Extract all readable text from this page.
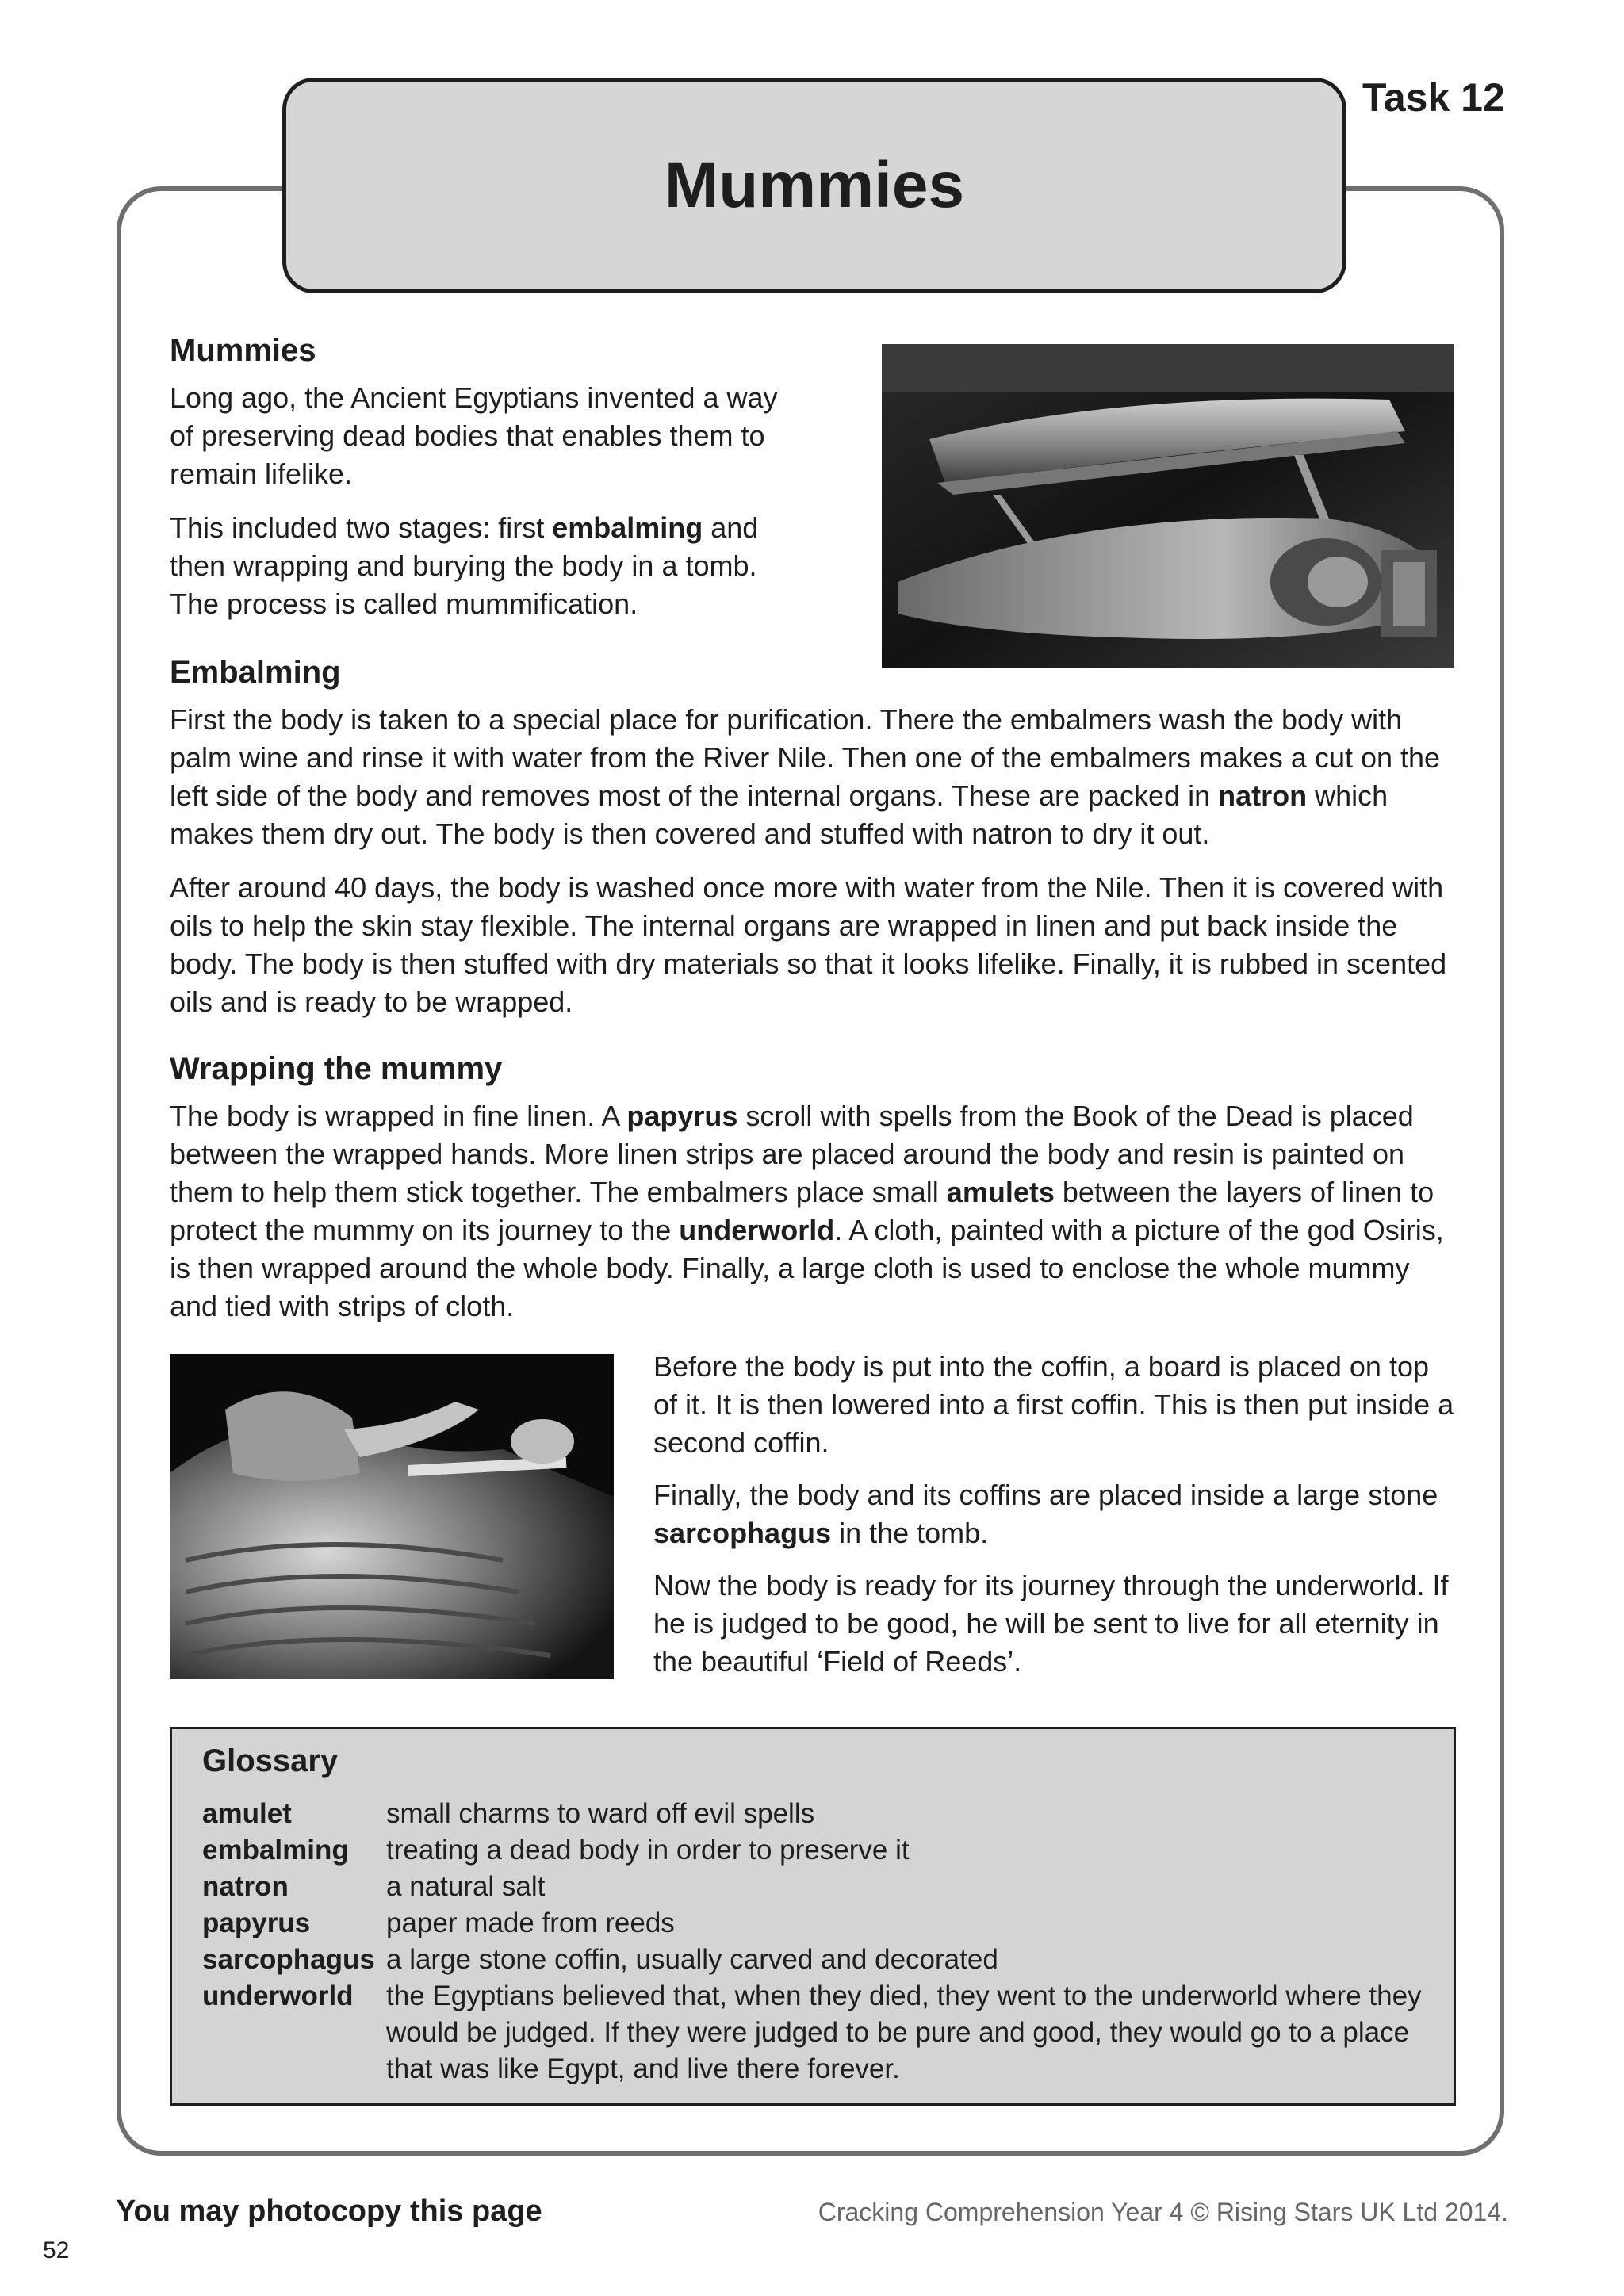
Mummies
Task 12
Mummies

Long ago, the Ancient Egyptians invented a way of preserving dead bodies that enables them to remain lifelike.

This included two stages: first embalming and then wrapping and burying the body in a tomb. The process is called mummification.

Embalming

First the body is taken to a special place for purification. There the embalmers wash the body with palm wine and rinse it with water from the River Nile. Then one of the embalmers makes a cut on the left side of the body and removes most of the internal organs. These are packed in natron which makes them dry out. The body is then covered and stuffed with natron to dry it out.

After around 40 days, the body is washed once more with water from the Nile. Then it is covered with oils to help the skin stay flexible. The internal organs are wrapped in linen and put back inside the body. The body is then stuffed with dry materials so that it looks lifelike. Finally, it is rubbed in scented oils and is ready to be wrapped.

Wrapping the mummy

The body is wrapped in fine linen. A papyrus scroll with spells from the Book of the Dead is placed between the wrapped hands. More linen strips are placed around the body and resin is painted on them to help them stick together. The embalmers place small amulets between the layers of linen to protect the mummy on its journey to the underworld. A cloth, painted with a picture of the god Osiris, is then wrapped around the whole body. Finally, a large cloth is used to enclose the whole mummy and tied with strips of cloth.

Before the body is put into the coffin, a board is placed on top of it. It is then lowered into a first coffin. This is then put inside a second coffin.

Finally, the body and its coffins are placed inside a large stone sarcophagus in the tomb.

Now the body is ready for its journey through the underworld. If he is judged to be good, he will be sent to live for all eternity in the beautiful ‘Field of Reeds’.

Glossary
amulet	small charms to ward off evil spells
embalming treating a dead body in order to preserve it
natron	a natural salt
papyrus	paper made from reeds
sarcophagus a large stone coffin, usually carved and decorated
underworld the Egyptians believed that, when they died, they went to the underworld where they would be judged. If they were judged to be pure and good, they would go to a place that was like Egypt, and live there forever.
You may photocopy this page	Cracking Comprehension Year 4 © Rising Stars UK Ltd 2014.
52
